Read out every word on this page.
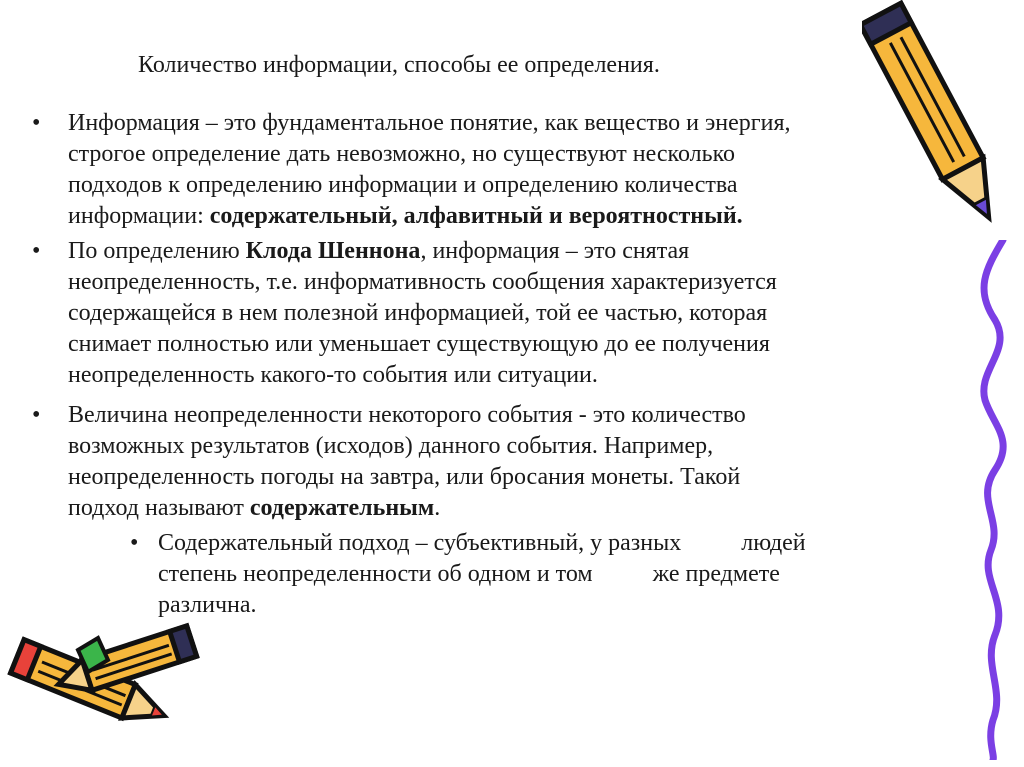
Количество информации, способы ее определения.
• Информация – это фундаментальное понятие, как вещество и энергия,
строгое определение дать невозможно, но существуют несколько
подходов к определению информации и определению количества
информации: содержательный, алфавитный и вероятностный.
• По определению Клода Шеннона, информация – это снятая
неопределенность, т.е. информативность сообщения характеризуется
содержащейся в нем полезной информацией, той ее частью, которая
снимает полностью или уменьшает существующую до ее получения
неопределенность какого-то события или ситуации.
• Величина неопределенности некоторого события - это количество
возможных результатов (исходов) данного события. Например,
неопределенность погоды на завтра, или бросания монеты. Такой
подход называют содержательным.
• Содержательный подход – субъективный, у разных          людей
степень неопределенности об одном и том          же предмете
различна.
